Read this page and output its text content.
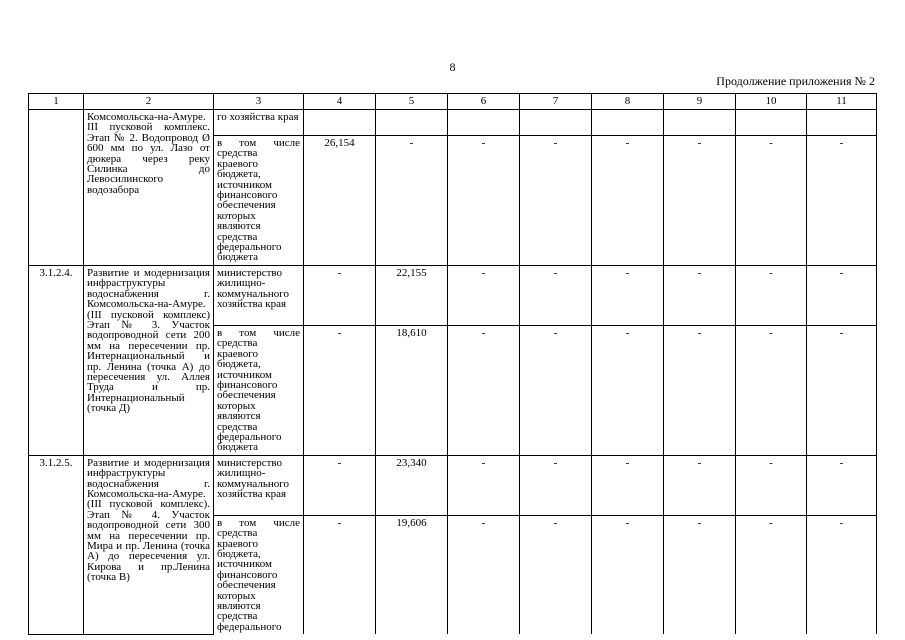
8
Продолжение приложения № 2
1	2	3	4	5	6	7	8	9	10	11
	Комсомольска-на-Амуре. III пусковой комплекс. Этап № 2. Водопровод Ø 600 мм по ул. Лазо от дюкера через реку Силинка до Левосилинского водозабора	го хозяйства края								
		в том числе средства краевого бюджета, источником финансового обеспечения которых являются средства федерального бюджета	26,154	-	-	-	-	-	-	-
3.1.2.4.	Развитие и модернизация инфраструктуры водоснабжения г. Комсомольска-на-Амуре. (III пусковой комплекс) Этап № 3. Участок водопроводной сети 200 мм на пересечении пр. Интернациональный и пр. Ленина (точка А) до пересечения ул. Аллея Труда и пр. Интернациональный (точка Д)	министерство жилищно-коммунального хозяйства края	-	22,155	-	-	-	-	-	-
		в том числе средства краевого бюджета, источником финансового обеспечения которых являются средства федерального бюджета	-	18,610	-	-	-	-	-	-
3.1.2.5.	Развитие и модернизация инфраструктуры водоснабжения г. Комсомольска-на-Амуре. (III пусковой комплекс). Этап № 4. Участок водопроводной сети 300 мм на пересечении пр. Мира и пр. Ленина (точка А) до пересечения ул. Кирова и пр.Ленина (точка В)	министерство жилищно-коммунального хозяйства края	-	23,340	-	-	-	-	-	-
		в том числе средства краевого бюджета, источником финансового обеспечения которых являются средства федерального	-	19,606	-	-	-	-	-	-
